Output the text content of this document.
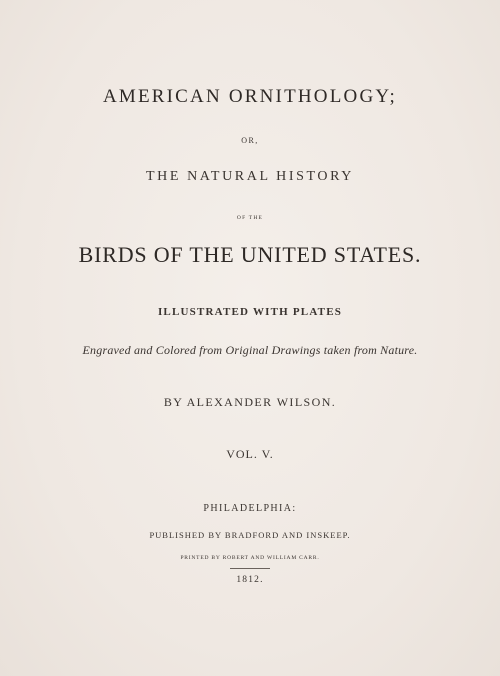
AMERICAN ORNITHOLOGY;
OR,
THE NATURAL HISTORY
OF THE
BIRDS OF THE UNITED STATES.
ILLUSTRATED WITH PLATES
Engraved and Colored from Original Drawings taken from Nature.
BY ALEXANDER WILSON.
VOL. V.
PHILADELPHIA:
PUBLISHED BY BRADFORD AND INSKEEP.
PRINTED BY ROBERT AND WILLIAM CARR.
1812.
